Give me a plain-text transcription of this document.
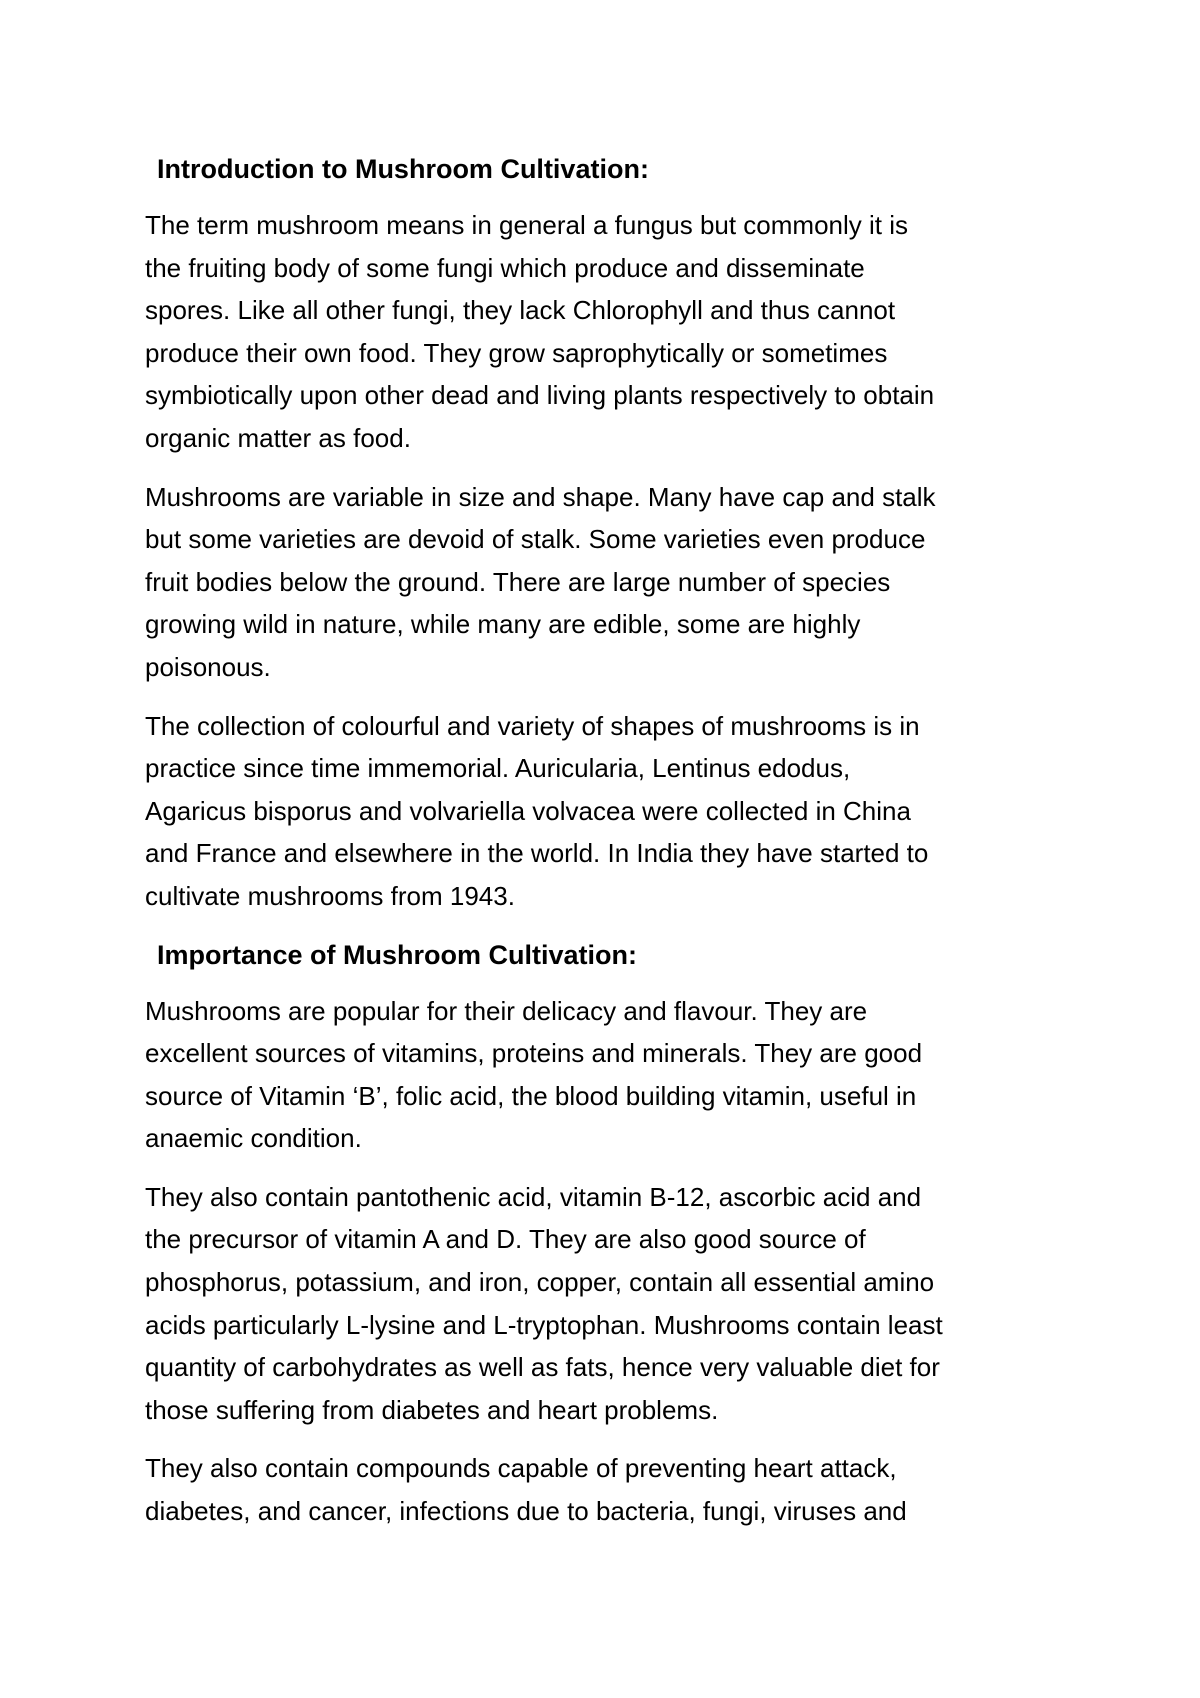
Introduction to Mushroom Cultivation:
The term mushroom means in general a fungus but commonly it is
the fruiting body of some fungi which produce and disseminate
spores. Like all other fungi, they lack Chlorophyll and thus cannot
produce their own food. They grow saprophytically or sometimes
symbiotically upon other dead and living plants respectively to obtain
organic matter as food.
Mushrooms are variable in size and shape. Many have cap and stalk
but some varieties are devoid of stalk. Some varieties even produce
fruit bodies below the ground. There are large number of species
growing wild in nature, while many are edible, some are highly
poisonous.
The collection of colourful and variety of shapes of mushrooms is in
practice since time immemorial. Auricularia, Lentinus edodus,
Agaricus bisporus and volvariella volvacea were collected in China
and France and elsewhere in the world. In India they have started to
cultivate mushrooms from 1943.
Importance of Mushroom Cultivation:
Mushrooms are popular for their delicacy and flavour. They are
excellent sources of vitamins, proteins and minerals. They are good
source of Vitamin ‘B’, folic acid, the blood building vitamin, useful in
anaemic condition.
They also contain pantothenic acid, vitamin B-12, ascorbic acid and
the precursor of vitamin A and D. They are also good source of
phosphorus, potassium, and iron, copper, contain all essential amino
acids particularly L-lysine and L-tryptophan. Mushrooms contain least
quantity of carbohydrates as well as fats, hence very valuable diet for
those suffering from diabetes and heart problems.
They also contain compounds capable of preventing heart attack,
diabetes, and cancer, infections due to bacteria, fungi, viruses and
